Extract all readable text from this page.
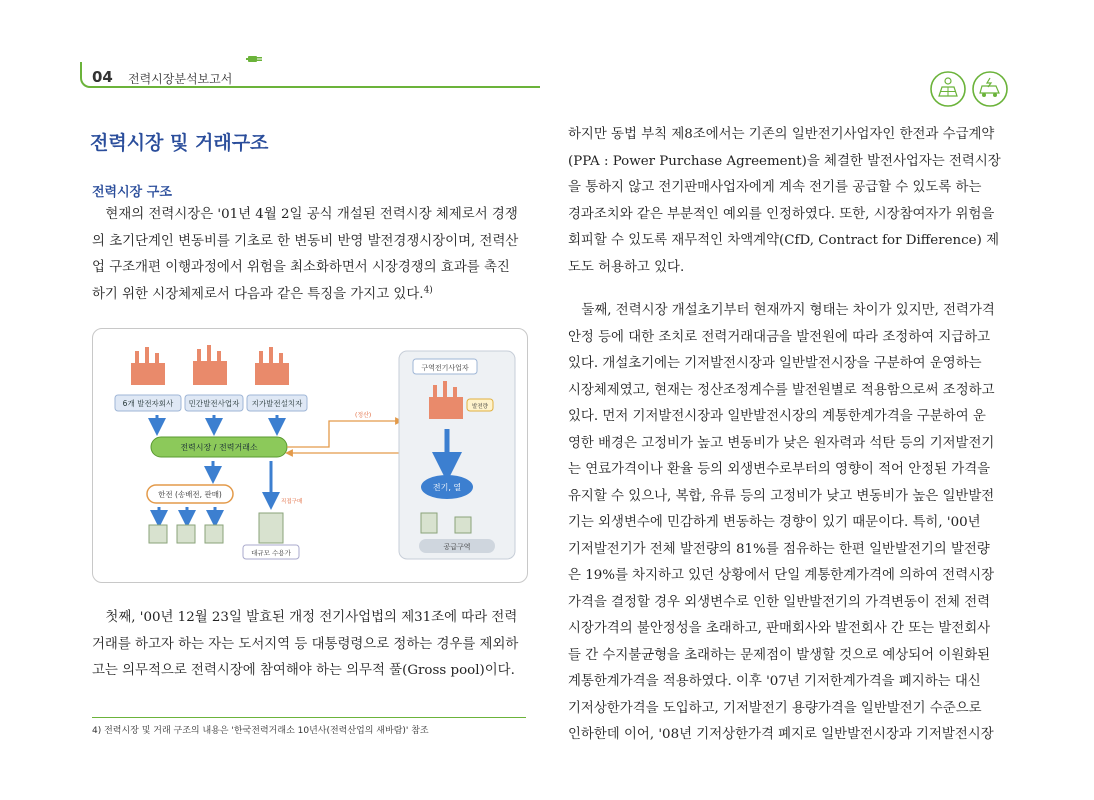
04 전력시장분석보고서
전력시장 및 거래구조
전력시장 구조
　현재의 전력시장은 '01년 4월 2일 공식 개설된 전력시장 체제로서 경쟁
의 초기단계인 변동비를 기초로 한 변동비 반영 발전경쟁시장이며, 전력산
업 구조개편 이행과정에서 위험을 최소화하면서 시장경쟁의 효과를 촉진
하기 위한 시장체제로서 다음과 같은 특징을 가지고 있다.$^{4)}$
6개 발전자회사 민간발전사업자 지가발전설치자
전력시장 / 전력거래소
(정산)
직접구매
한전 (송배전, 판매)
대규모 수용가
구역전기사업자
발전량
전기, 열
공급구역
　첫째, '00년 12월 23일 발효된 개정 전기사업법의 제31조에 따라 전력
거래를 하고자 하는 자는 도서지역 등 대통령령으로 정하는 경우를 제외하
고는 의무적으로 전력시장에 참여해야 하는 의무적 풀(Gross pool)이다.
4) 전력시장 및 거래 구조의 내용은 '한국전력거래소 10년사(전력산업의 새바람)' 참조
하지만 동법 부칙 제8조에서는 기존의 일반전기사업자인 한전과 수급계약
(PPA : Power Purchase Agreement)을 체결한 발전사업자는 전력시장
을 통하지 않고 전기판매사업자에게 계속 전기를 공급할 수 있도록 하는
경과조치와 같은 부분적인 예외를 인정하였다. 또한, 시장참여자가 위험을
회피할 수 있도록 재무적인 차액계약(CfD, Contract for Difference) 제
도도 허용하고 있다.
　둘째, 전력시장 개설초기부터 현재까지 형태는 차이가 있지만, 전력가격
안정 등에 대한 조치로 전력거래대금을 발전원에 따라 조정하여 지급하고
있다. 개설초기에는 기저발전시장과 일반발전시장을 구분하여 운영하는
시장체제였고, 현재는 정산조정계수를 발전원별로 적용함으로써 조정하고
있다. 먼저 기저발전시장과 일반발전시장의 계통한계가격을 구분하여 운
영한 배경은 고정비가 높고 변동비가 낮은 원자력과 석탄 등의 기저발전기
는 연료가격이나 환율 등의 외생변수로부터의 영향이 적어 안정된 가격을
유지할 수 있으나, 복합, 유류 등의 고정비가 낮고 변동비가 높은 일반발전
기는 외생변수에 민감하게 변동하는 경향이 있기 때문이다. 특히, '00년
기저발전기가 전체 발전량의 81%를 점유하는 한편 일반발전기의 발전량
은 19%를 차지하고 있던 상황에서 단일 계통한계가격에 의하여 전력시장
가격을 결정할 경우 외생변수로 인한 일반발전기의 가격변동이 전체 전력
시장가격의 불안정성을 초래하고, 판매회사와 발전회사 간 또는 발전회사
들 간 수지불균형을 초래하는 문제점이 발생할 것으로 예상되어 이원화된
계통한계가격을 적용하였다. 이후 '07년 기저한계가격을 폐지하는 대신
기저상한가격을 도입하고, 기저발전기 용량가격을 일반발전기 수준으로
인하한데 이어, '08년 기저상한가격 폐지로 일반발전시장과 기저발전시장
